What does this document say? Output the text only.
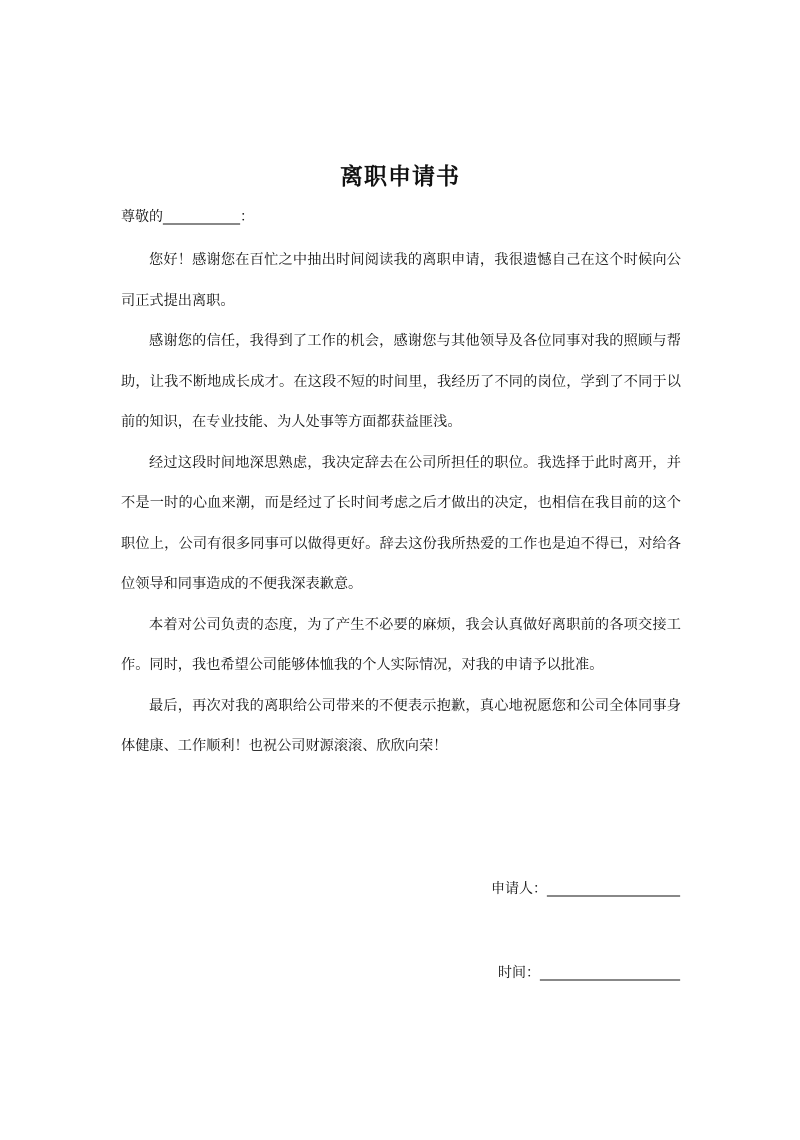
离职申请书

尊敬的___________：

您好！感谢您在百忙之中抽出时间阅读我的离职申请，我很遗憾自己在这个时候向公司正式提出离职。

感谢您的信任，我得到了工作的机会，感谢您与其他领导及各位同事对我的照顾与帮助，让我不断地成长成才。在这段不短的时间里，我经历了不同的岗位，学到了不同于以前的知识，在专业技能、为人处事等方面都获益匪浅。

经过这段时间地深思熟虑，我决定辞去在公司所担任的职位。我选择于此时离开，并不是一时的心血来潮，而是经过了长时间考虑之后才做出的决定，也相信在我目前的这个职位上，公司有很多同事可以做得更好。辞去这份我所热爱的工作也是迫不得已，对给各位领导和同事造成的不便我深表歉意。

本着对公司负责的态度，为了产生不必要的麻烦，我会认真做好离职前的各项交接工作。同时，我也希望公司能够体恤我的个人实际情况，对我的申请予以批准。

最后，再次对我的离职给公司带来的不便表示抱歉，真心地祝愿您和公司全体同事身体健康、工作顺利！也祝公司财源滚滚、欣欣向荣！

申请人：___________________

时间：____________________
